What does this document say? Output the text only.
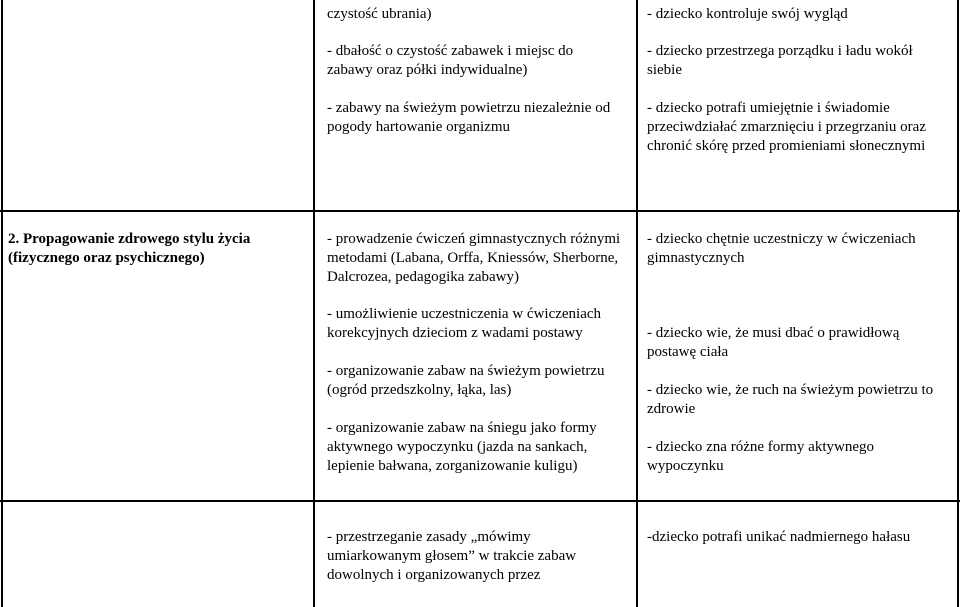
czystość ubrania)

- dbałość o czystość zabawek i miejsc do zabawy oraz półki indywidualne)

- zabawy na świeżym powietrzu niezależnie od pogody hartowanie organizmu

- dziecko kontroluje swój wygląd

- dziecko przestrzega porządku i ładu wokół siebie

- dziecko potrafi umiejętnie i świadomie przeciwdziałać zmarznięciu i przegrzaniu oraz chronić skórę przed promieniami słonecznymi

2. Propagowanie zdrowego stylu życia (fizycznego oraz psychicznego)

- prowadzenie ćwiczeń gimnastycznych różnymi metodami (Labana, Orffa, Kniessów, Sherborne, Dalcrozea, pedagogika zabawy)

- umożliwienie uczestniczenia w ćwiczeniach korekcyjnych dzieciom z wadami postawy

- organizowanie zabaw na świeżym powietrzu (ogród przedszkolny, łąka, las)

- organizowanie zabaw na śniegu jako formy aktywnego wypoczynku (jazda na sankach, lepienie bałwana, zorganizowanie kuligu)

- dziecko chętnie uczestniczy w ćwiczeniach gimnastycznych

- dziecko wie, że musi dbać o prawidłową postawę ciała

- dziecko wie, że ruch na świeżym powietrzu to zdrowie

- dziecko zna różne formy aktywnego wypoczynku

- przestrzeganie zasady „mówimy umiarkowanym głosem” w trakcie zabaw dowolnych i organizowanych przez

-dziecko potrafi unikać nadmiernego hałasu
